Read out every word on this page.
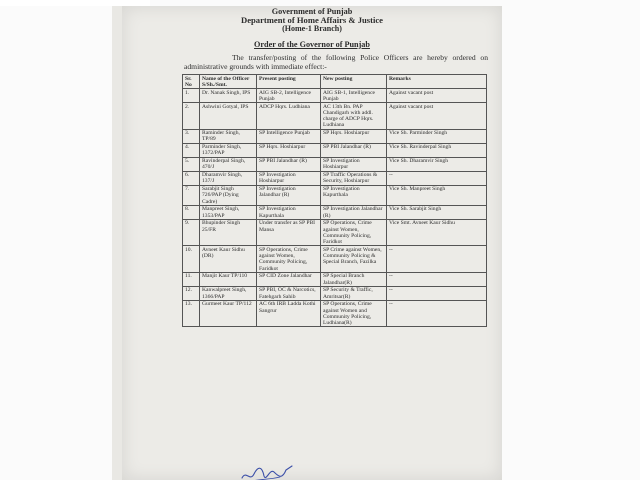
Government of Punjab
Department of Home Affairs & Justice
(Home-1 Branch)
Order of the Governor of Punjab
The transfer/posting of the following Police Officers are hereby ordered on administrative grounds with immediate effect:-
Sr. No	Name of the Officer S/Sh./Smt.	Present posting	New posting	Remarks
1.	Dr. Nanak Singh, IPS	AIG SB-2, Intelligence Punjab	AIG SB-1, Intelligence Punjab	Against vacant post
2.	Ashwini Gotyal, IPS	ADCP Hqrs. Ludhiana	AC 13th Bn. PAP Chandigarh with addl. charge of ADCP Hqrs. Ludhiana	Against vacant post
3.	Raminder Singh, TP/89	SP Intelligence Punjab	SP Hqrs. Hoshiarpur	Vice Sh. Parminder Singh
4.	Parminder Singh, 1372/PAP	SP Hqrs. Hoshiarpur	SP PBI Jalandhar (R)	Vice Sh. Ravinderpal Singh
5.	Ravinderpal Singh, 470/J	SP PBI Jalandhar (R)	SP Investigation Hoshiarpur	Vice Sh. Dharamvir Singh
6.	Dharamvir Singh, 137/J	SP Investigation Hoshiarpur	SP Traffic Operations & Security, Hoshiarpur	--
7.	Sarabjit Singh 726/PAP (Dying Cadre)	SP Investigation Jalandhar (R)	SP Investigation Kapurthala	Vice Sh. Manpreet Singh
8.	Manpreet Singh, 1353/PAP	SP Investigation Kapurthala	SP Investigation Jalandhar (R)	Vice Sh. Sarabjit Singh
9.	Bhupinder Singh 25/FR	Under transfer as SP PBI Mansa	SP Operations, Crime against Women, Community Policing, Faridkot	Vice Smt. Avneet Kaur Sidhu
10.	Avneet Kaur Sidhu (DR)	SP Operations, Crime against Women, Community Policing, Faridkot	SP Crime against Women, Community Policing & Special Branch, Fazilka	--
11.	Manjit Kaur TP/110	SP CID Zone Jalandhar	SP Special Branch Jalandhar(R)	--
12.	Kanwalpreet Singh, 1366/PAP	SP PBI, OC & Narcotics, Fatehgarh Sahib	SP Security & Traffic, Amritsar(R)	--
13.	Gurmeet Kaur TP/112	AC 6th IRB Ladda Kothi Sangrur	SP Operations, Crime against Women and Community Policing, Ludhiana(R)	--
